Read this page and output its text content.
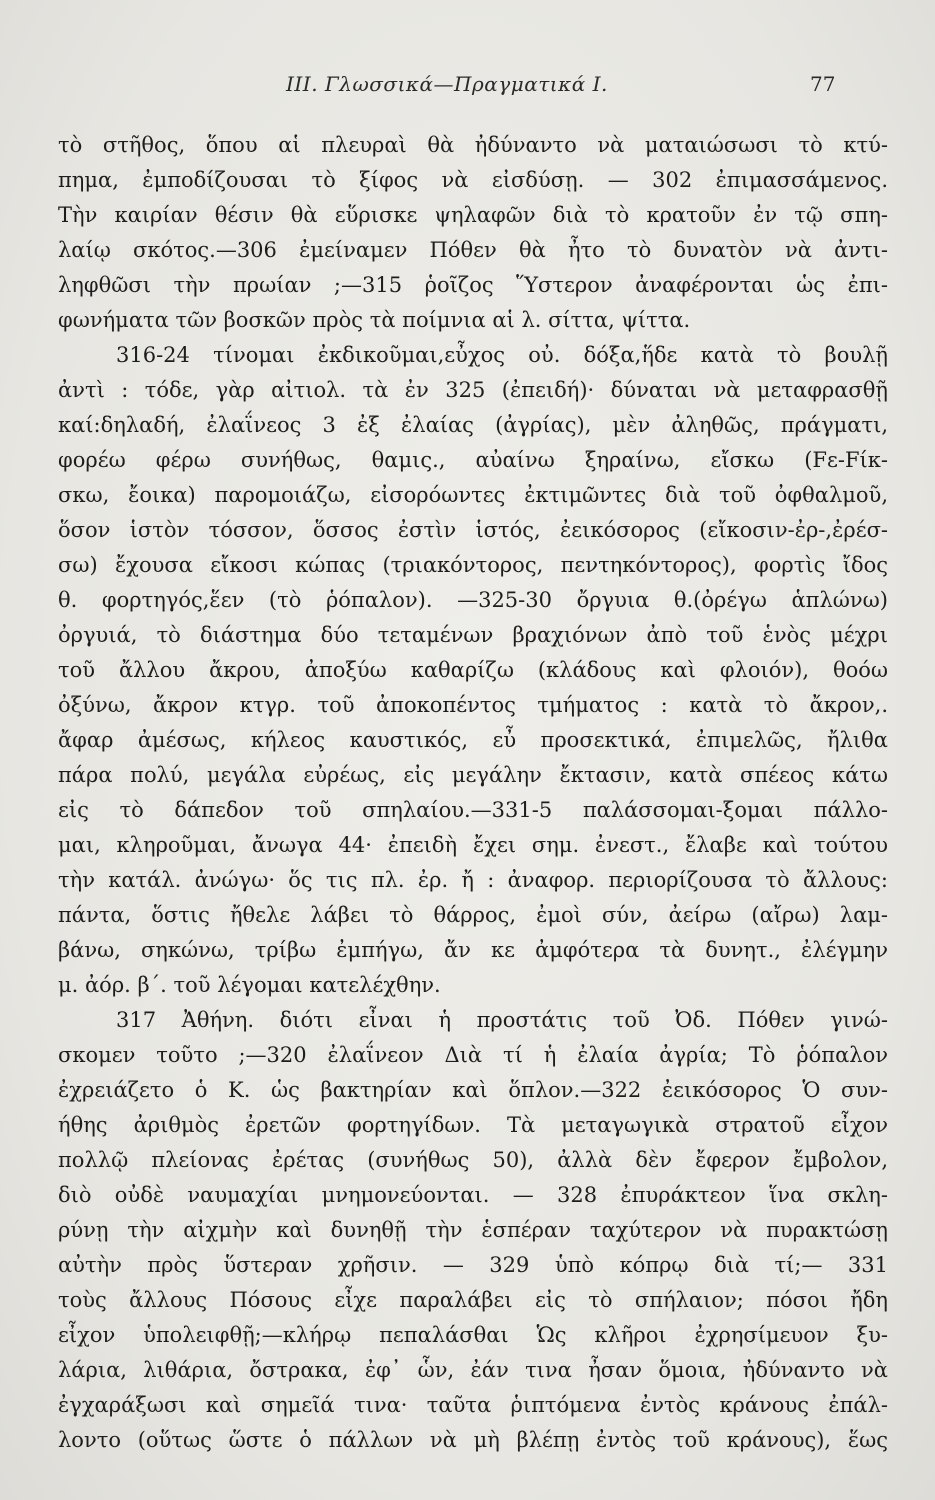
III. Γλωσσικά—Πραγματικά I.	77
τὸ στῆθος, ὅπου αἱ πλευραὶ θὰ ἠδύναντο νὰ ματαιώσωσι τὸ κτύ-
πημα, ἐμποδίζουσαι τὸ ξίφος νὰ εἰσδύσῃ. — 302 ἐπιμασσάμενος.
Τὴν καιρίαν θέσιν θὰ εὕρισκε ψηλαφῶν διὰ τὸ κρατοῦν ἐν τῷ σπη-
λαίῳ σκότος.—306 ἐμείναμεν Πόθεν θὰ ἦτο τὸ δυνατὸν νὰ ἀντι-
ληφθῶσι τὴν πρωίαν ;—315 ῥοῖζος Ὕστερον ἀναφέρονται ὡς ἐπι-
φωνήματα τῶν βοσκῶν πρὸς τὰ ποίμνια αἱ λ. σίττα, ψίττα.
316-24 τίνομαι ἐκδικοῦμαι,εὖχος οὐ. δόξα,ἥδε κατὰ τὸ βουλῇ
ἀντὶ : τόδε, γὰρ αἰτιολ. τὰ ἐν 325 (ἐπειδή)· δύναται νὰ μεταφρασθῇ
καί:δηλαδή, ἐλαΐνεος 3 ἐξ ἐλαίας (ἀγρίας), μὲν ἀληθῶς, πράγματι,
φορέω φέρω συνήθως, θαμις., αὐαίνω ξηραίνω, εἴσκω (Fε-Fίκ-
σκω, ἔοικα) παρομοιάζω, εἰσορόωντες ἐκτιμῶντες διὰ τοῦ ὀφθαλμοῦ,
ὅσον ἱστὸν τόσσον, ὅσσος ἐστὶν ἱστός, ἐεικόσορος (εἴκοσιν-ἐρ-,ἐρέσ-
σω) ἔχουσα εἴκοσι κώπας (τριακόντορος, πεντηκόντορος), φορτὶς ἴδος
θ. φορτηγός,ἕεν (τὸ ῥόπαλον). —325-30 ὄργυια θ.(ὀρέγω ἁπλώνω)
ὀργυιά, τὸ διάστημα δύο τεταμένων βραχιόνων ἀπὸ τοῦ ἑνὸς μέχρι
τοῦ ἄλλου ἄκρου, ἀποξύω καθαρίζω (κλάδους καὶ φλοιόν), θοόω
ὀξύνω, ἄκρον κτγρ. τοῦ ἀποκοπέντος τμήματος : κατὰ τὸ ἄκρον,.
ἄφαρ ἀμέσως, κήλεος καυστικός, εὖ προσεκτικά, ἐπιμελῶς, ἤλιθα
πάρα πολύ, μεγάλα εὐρέως, εἰς μεγάλην ἔκτασιν, κατὰ σπέεος κάτω
εἰς τὸ δάπεδον τοῦ σπηλαίου.—331-5 παλάσσομαι-ξομαι πάλλο-
μαι, κληροῦμαι, ἄνωγα 44· ἐπειδὴ ἔχει σημ. ἐνεστ., ἔλαβε καὶ τούτου
τὴν κατάλ. ἀνώγω· ὅς τις πλ. ἐρ. ἤ : ἀναφορ. περιορίζουσα τὸ ἄλλους:
πάντα, ὅστις ἤθελε λάβει τὸ θάρρος, ἐμοὶ σύν, ἀείρω (αἴρω) λαμ-
βάνω, σηκώνω, τρίβω ἐμπήγω, ἄν κε ἀμφότερα τὰ δυνητ., ἐλέγμην
μ. ἀόρ. β΄. τοῦ λέγομαι κατελέχθην.
317 Ἀθήνη. διότι εἶναι ἡ προστάτις τοῦ Ὀδ. Πόθεν γινώ-
σκομεν τοῦτο ;—320 ἐλαΐνεον Διὰ τί ἡ ἐλαία ἀγρία; Τὸ ῥόπαλον
ἐχρειάζετο ὁ Κ. ὡς βακτηρίαν καὶ ὅπλον.—322 ἐεικόσορος Ὁ συν-
ήθης ἀριθμὸς ἐρετῶν φορτηγίδων. Τὰ μεταγωγικὰ στρατοῦ εἶχον
πολλῷ πλείονας ἐρέτας (συνήθως 50), ἀλλὰ δὲν ἔφερον ἔμβολον,
διὸ οὐδὲ ναυμαχίαι μνημονεύονται. — 328 ἐπυράκτεον ἵνα σκλη-
ρύνῃ τὴν αἰχμὴν καὶ δυνηθῇ τὴν ἑσπέραν ταχύτερον νὰ πυρακτώσῃ
αὐτὴν πρὸς ὕστεραν χρῆσιν. — 329 ὑπὸ κόπρῳ διὰ τί;— 331
τοὺς ἄλλους Πόσους εἶχε παραλάβει εἰς τὸ σπήλαιον; πόσοι ἤδη
εἶχον ὑπολειφθῇ;—κλήρῳ πεπαλάσθαι Ὡς κλῆροι ἐχρησίμευον ξυ-
λάρια, λιθάρια, ὄστρακα, ἐφ᾽ ὧν, ἐάν τινα ἦσαν ὅμοια, ἠδύναντο νὰ
ἐγχαράξωσι καὶ σημεῖά τινα· ταῦτα ῥιπτόμενα ἐντὸς κράνους ἐπάλ-
λοντο (οὕτως ὥστε ὁ πάλλων νὰ μὴ βλέπῃ ἐντὸς τοῦ κράνους), ἕως
